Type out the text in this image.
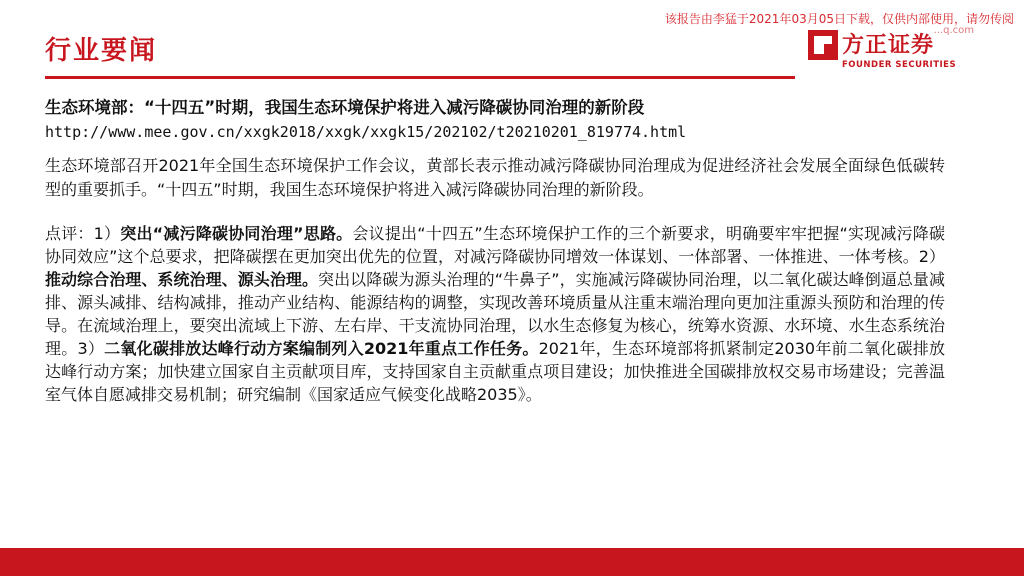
该报告由李猛于2021年03月05日下载，仅供内部使用，请勿传阅
...q.com
行业要闻	方正证券
FOUNDER SECURITIES

生态环境部：“十四五”时期，我国生态环境保护将进入减污降碳协同治理的新阶段

http://www.mee.gov.cn/xxgk2018/xxgk/xxgk15/202102/t20210201_819774.html

生态环境部召开2021年全国生态环境保护工作会议，黄部长表示推动减污降碳协同治理成为促进经济社会发展全面绿色低碳转型的重要抓手。“十四五”时期，我国生态环境保护将进入减污降碳协同治理的新阶段。

点评：1）突出“减污降碳协同治理”思路。会议提出“十四五”生态环境保护工作的三个新要求，明确要牢牢把握“实现减污降碳协同效应”这个总要求，把降碳摆在更加突出优先的位置，对减污降碳协同增效一体谋划、一体部署、一体推进、一体考核。2）推动综合治理、系统治理、源头治理。突出以降碳为源头治理的“牛鼻子”，实施减污降碳协同治理，以二氧化碳达峰倒逼总量减排、源头减排、结构减排，推动产业结构、能源结构的调整，实现改善环境质量从注重末端治理向更加注重源头预防和治理的传导。在流域治理上，要突出流域上下游、左右岸、干支流协同治理，以水生态修复为核心，统筹水资源、水环境、水生态系统治理。3）二氧化碳排放达峰行动方案编制列入2021年重点工作任务。2021年，生态环境部将抓紧制定2030年前二氧化碳排放达峰行动方案；加快建立国家自主贡献项目库，支持国家自主贡献重点项目建设；加快推进全国碳排放权交易市场建设；完善温室气体自愿减排交易机制；研究编制《国家适应气候变化战略2035》。
